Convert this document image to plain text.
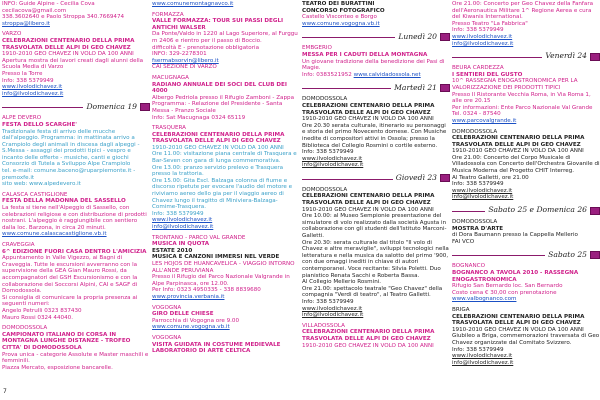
INFO: Guide Alpine - Cecilia Cova cecilacova@gmail.com

338.3602640 e Paolo Stroppa 340.7669474

stroppa@libero.it

VARZO

CELEBRAZIONI CENTENARIO DELLA PRIMA TRASVOLATA DELLE ALPI DI GEO CHAVEZ

1910-2010 GEO CHAVEZ IN VOLO DA 100 ANNI Apertura mostra dei lavori creati dagli alunni della Scuola Media di Varzo

Presso la Torre

Info: 338 5379949

www.ilvolodichavez.it

info@ilvolodichavez.it

Domenica 19

ALPE DEVERO

FESTA DELLO SCARGHE'

Tradizionale festa di arrivo delle mucche dall'alpeggio. Programma: in mattinata arrivo a Crampiolo degli animali in discesa dagli alpeggi - S.Messa - assaggi dei prodotti tipici - vespro e incanto delle offerte - musiche, canti e giochi

Consorzio di Tutela a Sviluppo Alpe Crampiolo

tel. e-mail: comune.baceno@ruparpiemonte.it - premoxfe.it

sito web: www.alpedevero.it

CALASCA CASTIGLIONE

FESTA DELLA MADONNA DEL SASSELLO

La festa si tiene nell'Alpeggio di Sassello, con celebrazioni religiose e con distribuzione di prodotti nostrani. L'alpeggio è raggiungibile con sentiero dalla loc. Barzona, in circa 20 minuti.

www.comune.calascacastiglione.vb.it

CRAVEGGIA

6^ EDIZIONE FUORI CASA DENTRO L'AMICIZIA

Appuntamento in Valle Vigezzo, ai Bagni di Craveggia. Tutte le escursioni avverranno con la supervisione della GEA Gian Mauro Rossi, da accompagnatori del GSH Escursionismo e con la collaborazione dei Soccorsi Alpini, CAI e SAGF di Domodossola.

Si consiglia di comunicare la propria presenza ai seguenti numeri:

Angelo Petrulli 0323 837430

Mauro Rossi 0324 44040.

DOMODOSSOLA

CAMPIONATO ITALIANO DI CORSA IN MONTAGNA LUNGHE DISTANZE - TROFEO CITTA' DI DOMODOSSOLA

Prova unica - categorie Assolute e Master maschili e femminili.

Piazza Mercato, esposizione bancarelle.

www.comunemontagnavco.it

FORMAZZA

VALLE FORMAZZA: TOUR SUI PASSI DEGLI ANTICHI WALSER

Da Ponte/Valdo in 1220 al Lago Superiore, al Furggu m 2406 e rientro per il passo di Boccio.

difficoltà E - prenotazione obbligatoria

INFO: 329-2278301

fsermabsorvin@libero.it

CAI SEZIONE DI VARZO

MACUGNAGA

RADIANO ANNUALE DEI SOCI DEL CLUB DEI 4000

Albergo Pedriola presso il Rifugio Zamboni - Zappa Programma: - Relazione del Presidente - Santa Messa - Pranzo Sociale

Info: Sat Macugnaga 0324 65119

TRASQUERA

CELEBRAZIONI CENTENARIO DELLA PRIMA TRASVOLATA DELLE ALPI DI GEO CHAVEZ

1910-2010 GEO CHAVEZ IN VOLO DA 100 ANNI

Ore 11.00: visitazione piana centrale di Trasquera e Bar-Seven con gara di lunga commemorativa.

Ore 13.00: pranzo servizio prelevo e Trasquera presso la trattoria.

Ore 15.00: Gita Escl. Balzaga colonna di fiume e discorso ripetute per evocare l'audio del motore e riviviamo aereo dello gia per il viaggio aereo di Chavez lungo il tragitto di Miniviera-Balzaga-Comime-Trasquera.

Info: 338 5379949

www.ilvolodichavez.it

info@ilvolodichavez.it

TRONTANO - PARCO VAL GRANDE

MUSICA IN QUOTA

ESTATE 2010

MUSICA E CANZONI IMMERSI NEL VERDE

LES HOJOS DE HUANCAVELICA - VIAGGIO INTORNO ALL'ANDE PERUVIANA

Presso il Rifugio del Parco Nazionale Valgrande in Alpe Parpinasca, ore 12.00.

Per Info: 0323 4950335 - 338 8839680

www.provincia.verbania.it

VOGOGNA

GIRO DELLE CHIESE

Parrocchia di Vogogna ore 9.00

www.comune.vogogna.vb.it

VOGOGNA

VISITA GUIDATA IN COSTUME MEDIEVALE LABORATORIO DI ARTE CELTICA

TEATRO DEI BURATTINI

CONCORSO FOTOGRAFICO

Castello Visconteo e Borgo

www.comune.vogogna.vb.it

Lunedì 20

EMBGERIO

MESSA PER I CADUTI DELLA MONTAGNA

Un giovane tradizione della benedizione dei Pasi di Magie.

Info: 0383521952 www.calvidadossola.net

Martedì 21

DOMODOSSOLA

CELEBRAZIONI CENTENARIO DELLA PRIMA TRASVOLATA DELLE ALPI DI GEO CHAVEZ

1910-2010 GEO CHAVEZ IN VOLO DA 100 ANNI

Ore 20.30 serata culturale, itinerario su personaggi e storia del primo Novecento domese. Con Musiche inedite di compositori attivi in Ossola; presso la Biblioteca del Collegio Rosmini o cortile esterno.

Info: 338 5379949

www.ilvolodichavez.it

info@ilvolodichavez.it

Giovedì 23

DOMODOSSOLA

CELEBRAZIONI CENTENARIO DELLA PRIMA TRASVOLATA DELLE ALPI DI GEO CHAVEZ

1910-2010 GEO CHAVEZ IN VOLO DA 100 ANNI

Ore 10.00: al Museo Sempionie presentazione del simulatore di volo realizzato dalla società Agusta in collaborazione con gli studenti dell'Istituto Marconi-Galletti.

Ore 20.30: serata culturale dal titolo "Il volo di Chavez e altre meraviglie", sviluppi tecnologici nella letteratura e nella musica da salotto del primo '900, con due omaggi inediti in chiave di autori contemporanei. Voce recitante: Silvia Poletti. Duo pianistico Renata Sacchi e Roberta Bassa.

Al Collegio Mellerio Rosmini.

Ore 21.00: spettacolo teatrale "Geo Chavez" della compagnia "Verdi di teatro", al Teatro Galletti.

Info: 338 5379949

www.ilvolodichavez.it

info@ilvolodichavez.it

VILLADOSSOLA

CELEBRAZIONI CENTENARIO DELLA PRIMA TRASVOLATA DELLE ALPI DI GEO CHAVEZ

1910-2010 GEO CHAVEZ IN VOLO DA 100 ANNI

Ore 21.00: Concerto per Geo Chavez della Fanfara dell'Aeronautica Militare 1^ Regione Aerea e cura del Kiwanis International.

Presso Teatro "La Fabbrica"

Info: 338 5379949

www.ilvolodichavez.it

info@ilvolodichavez.it

Venerdì 24

BEURA CARDEZZA

I SENTIERI DEL GUSTO

10^ RASSEGNA ENOGASTRONOMICA PER LA VALORIZZAZIONE DEI PRODOTTI TIPICI

Presso Il Ristorante Vecchia Roma, in Via Roma 1, alle ore 20.15

Per informazioni: Ente Parco Nazionale Val Grande Tel. 0324 - 87540

www.parcovalgrande.it

DOMODOSSOLA

CELEBRAZIONI CENTENARIO DELLA PRIMA TRASVOLATA DELLE ALPI DI GEO CHAVEZ

1910-2010 GEO CHAVEZ IN VOLO DA 100 ANNI

Ore 21.00: Concerto del Corpo Musicale di Villadossola con Concerto dell'Orchestra Giovanile di Musica Moderna del Progetto CHIT Interreg.

Al Teatro Galletti, ore 21.00

Info: 338 5379949

www.ilvolodichavez.it

info@ilvolodichavez.it

Sabato 25 e Domenica 26

DOMODOSSOLA

MOSTRA D'ARTE

di Dora Baumann presso la Cappella Mellerio

FAI VCO

Sabato 25

BOGNANCO

BOGNANCO A TAVOLA 2010 - RASSEGNA ENOGASTRONOMICA

Rifugio San Bernardo loc. San Bernardo

Costo cena € 30,00 con prenotazione

www.valbognanco.com

BRIGA

CELEBRAZIONI CENTENARIO DELLA PRIMA TRASVOLATA DELLE ALPI DI GEO CHAVEZ

1910-2010 GEO CHAVEZ IN VOLO DA 100 ANNI

Giubileo a Briga, commemorazioni traversata di Geo Chavez organizzate dal Comitato Svizzero.

Info: 338 5379949

www.ilvolodichavez.it

info@ilvolodichavez.it

7
